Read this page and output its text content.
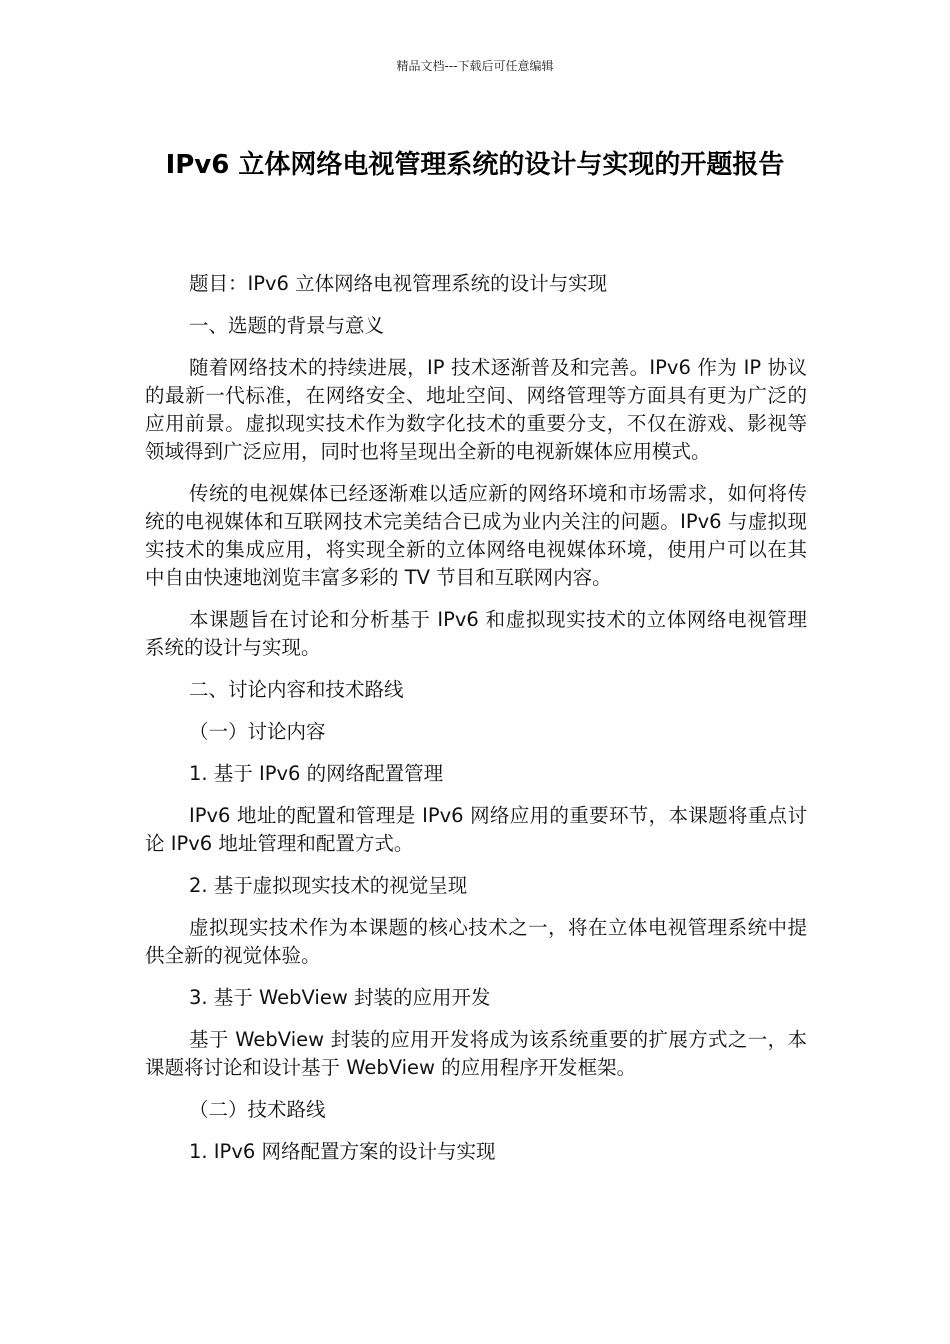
精品文档---下载后可任意编辑
IPv6 立体网络电视管理系统的设计与实现的开题报告

题目：IPv6 立体网络电视管理系统的设计与实现

一、选题的背景与意义

随着网络技术的持续进展，IP 技术逐渐普及和完善。IPv6 作为 IP 协议的最新一代标准，在网络安全、地址空间、网络管理等方面具有更为广泛的应用前景。虚拟现实技术作为数字化技术的重要分支，不仅在游戏、影视等领域得到广泛应用，同时也将呈现出全新的电视新媒体应用模式。

传统的电视媒体已经逐渐难以适应新的网络环境和市场需求，如何将传统的电视媒体和互联网技术完美结合已成为业内关注的问题。IPv6 与虚拟现实技术的集成应用，将实现全新的立体网络电视媒体环境，使用户可以在其中自由快速地浏览丰富多彩的 TV 节目和互联网内容。

本课题旨在讨论和分析基于 IPv6 和虚拟现实技术的立体网络电视管理系统的设计与实现。

二、讨论内容和技术路线

（一）讨论内容

1. 基于 IPv6 的网络配置管理

IPv6 地址的配置和管理是 IPv6 网络应用的重要环节，本课题将重点讨论 IPv6 地址管理和配置方式。

2. 基于虚拟现实技术的视觉呈现

虚拟现实技术作为本课题的核心技术之一，将在立体电视管理系统中提供全新的视觉体验。

3. 基于 WebView 封装的应用开发

基于 WebView 封装的应用开发将成为该系统重要的扩展方式之一，本课题将讨论和设计基于 WebView 的应用程序开发框架。

（二）技术路线

1. IPv6 网络配置方案的设计与实现
